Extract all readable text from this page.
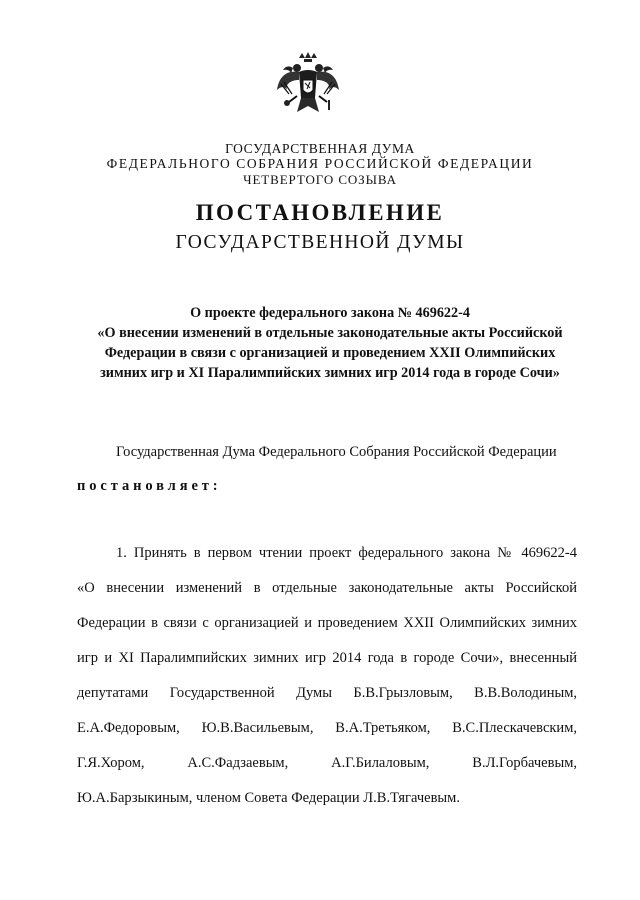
ГОСУДАРСТВЕННАЯ ДУМА
ФЕДЕРАЛЬНОГО СОБРАНИЯ РОССИЙСКОЙ ФЕДЕРАЦИИ
ЧЕТВЕРТОГО СОЗЫВА
ПОСТАНОВЛЕНИЕ
ГОСУДАРСТВЕННОЙ ДУМЫ
О проекте федерального закона № 469622-4
«О внесении изменений в отдельные законодательные акты Российской
Федерации в связи с организацией и проведением XXII Олимпийских
зимних игр и XI Паралимпийских зимних игр 2014 года в городе Сочи»
Государственная Дума Федерального Собрания Российской Федерации
постановляет:
1. Принять в первом чтении проект федерального закона № 469622-4
«О внесении изменений в отдельные законодательные акты Российской
Федерации в связи с организацией и проведением XXII Олимпийских зимних
игр и XI Паралимпийских зимних игр 2014 года в городе Сочи», внесенный
депутатами Государственной Думы Б.В.Грызловым, В.В.Володиным,
Е.А.Федоровым, Ю.В.Васильевым, В.А.Третьяком, В.С.Плескачевским,
Г.Я.Хором, А.С.Фадзаевым, А.Г.Билаловым, В.Л.Горбачевым,
Ю.А.Барзыкиным, членом Совета Федерации Л.В.Тягачевым.
